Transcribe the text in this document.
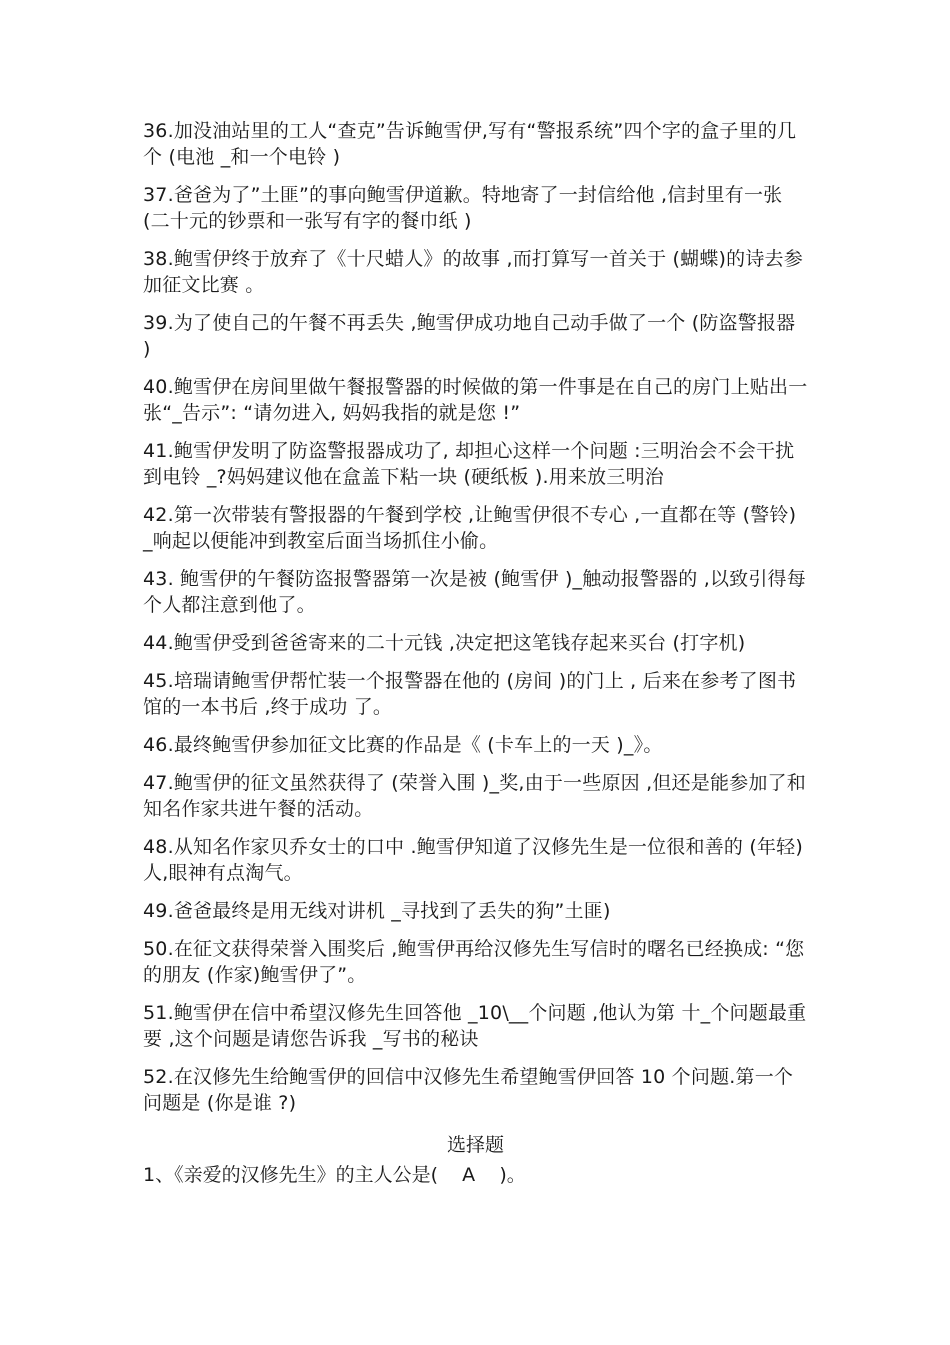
36.加没油站里的工人“查克”告诉鲍雪伊,写有“警报系统”四个字的盒子里的几个 (电池 _和一个电铃 )

37.爸爸为了”土匪”的事向鲍雪伊道歉。特地寄了一封信给他 ,信封里有一张 (二十元的钞票和一张写有字的餐巾纸 )

38.鲍雪伊终于放弃了《十尺蜡人》的故事 ,而打算写一首关于 (蝴蝶)的诗去参加征文比赛 。

39.为了使自己的午餐不再丢失 ,鲍雪伊成功地自己动手做了一个 (防盗警报器 )

40.鲍雪伊在房间里做午餐报警器的时候做的第一件事是在自己的房门上贴出一张“_告示”: “请勿进入, 妈妈我指的就是您 !”

41.鲍雪伊发明了防盗警报器成功了, 却担心这样一个问题 :三明治会不会干扰到电铃 _?妈妈建议他在盒盖下粘一块 (硬纸板 ).用来放三明治

42.第一次带装有警报器的午餐到学校 ,让鲍雪伊很不专心 ,一直都在等 (警铃) _响起以便能冲到教室后面当场抓住小偷。

43. 鲍雪伊的午餐防盗报警器第一次是被 (鲍雪伊 )_触动报警器的 ,以致引得每个人都注意到他了。

44.鲍雪伊受到爸爸寄来的二十元钱 ,决定把这笔钱存起来买台 (打字机)

45.培瑞请鲍雪伊帮忙装一个报警器在他的 (房间 )的门上 , 后来在参考了图书馆的一本书后 ,终于成功 了。

46.最终鲍雪伊参加征文比赛的作品是《 (卡车上的一天 )_》。

47.鲍雪伊的征文虽然获得了 (荣誉入围 )_奖,由于一些原因 ,但还是能参加了和知名作家共进午餐的活动。

48.从知名作家贝乔女士的口中 .鲍雪伊知道了汉修先生是一位很和善的 (年轻)人,眼神有点淘气。

49.爸爸最终是用无线对讲机 _寻找到了丢失的狗”土匪)

50.在征文获得荣誉入围奖后 ,鲍雪伊再给汉修先生写信时的曙名已经换成: “您 的朋友 (作家)鲍雪伊了”。

51.鲍雪伊在信中希望汉修先生回答他 _10\__个问题 ,他认为第 十_个问题最重要 ,这个问题是请您告诉我 _写书的秘诀

52.在汉修先生给鲍雪伊的回信中汉修先生希望鲍雪伊回答 10 个问题.第一个问题是 (你是谁 ?)

选择题

1、《亲爱的汉修先生》的主人公是(    A    )。
